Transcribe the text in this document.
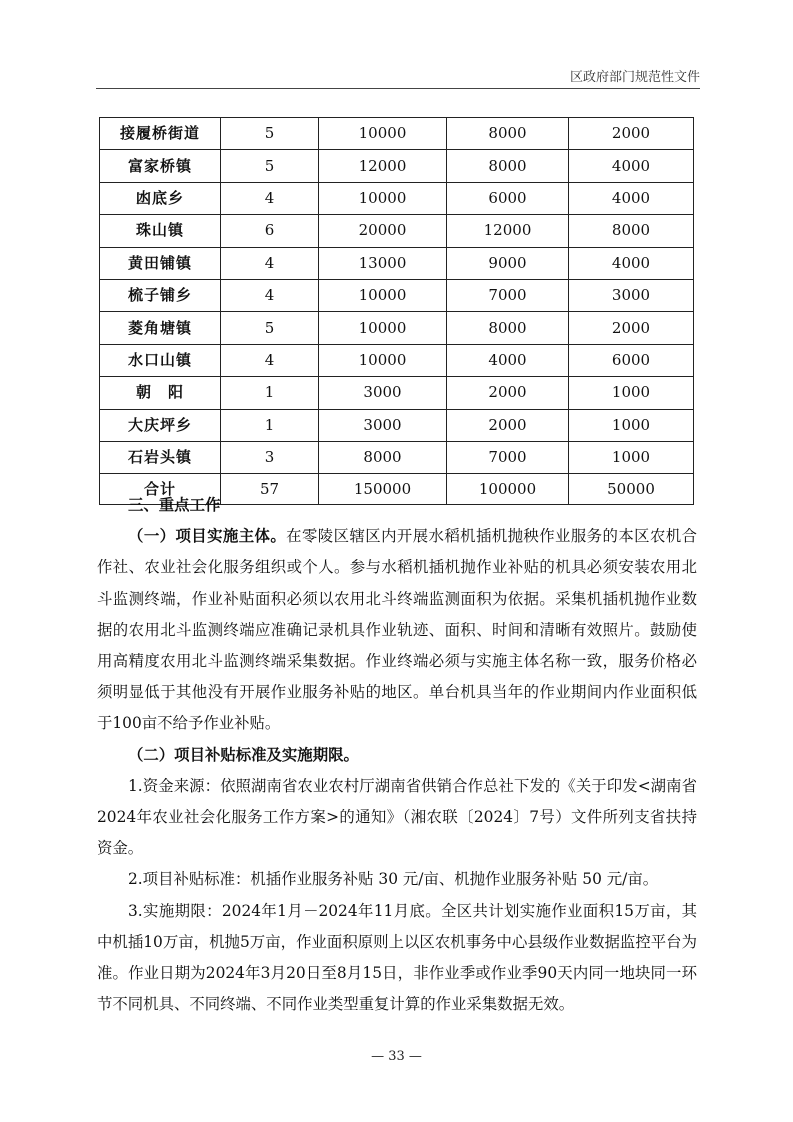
区政府部门规范性文件
接履桥街道	5	10000	8000	2000
富家桥镇	5	12000	8000	4000
凼底乡	4	10000	6000	4000
珠山镇	6	20000	12000	8000
黄田铺镇	4	13000	9000	4000
梳子铺乡	4	10000	7000	3000
菱角塘镇	5	10000	8000	2000
水口山镇	4	10000	4000	6000
朝　阳	1	3000	2000	1000
大庆坪乡	1	3000	2000	1000
石岩头镇	3	8000	7000	1000
合计	57	150000	100000	50000

三、重点工作

（一）项目实施主体。在零陵区辖区内开展水稻机插机抛秧作业服务的本区农机合作社、农业社会化服务组织或个人。参与水稻机插机抛作业补贴的机具必须安装农用北斗监测终端，作业补贴面积必须以农用北斗终端监测面积为依据。采集机插机抛作业数据的农用北斗监测终端应准确记录机具作业轨迹、面积、时间和清晰有效照片。鼓励使用高精度农用北斗监测终端采集数据。作业终端必须与实施主体名称一致，服务价格必须明显低于其他没有开展作业服务补贴的地区。单台机具当年的作业期间内作业面积低于100亩不给予作业补贴。

（二）项目补贴标准及实施期限。

1.资金来源：依照湖南省农业农村厅湖南省供销合作总社下发的《关于印发<湖南省2024年农业社会化服务工作方案>的通知》（湘农联〔2024〕7号）文件所列支省扶持资金。

2.项目补贴标准：机插作业服务补贴 30 元/亩、机抛作业服务补贴 50 元/亩。

3.实施期限：2024年1月－2024年11月底。全区共计划实施作业面积15万亩，其中机插10万亩，机抛5万亩，作业面积原则上以区农机事务中心县级作业数据监控平台为准。作业日期为2024年3月20日至8月15日，非作业季或作业季90天内同一地块同一环节不同机具、不同终端、不同作业类型重复计算的作业采集数据无效。

— 33 —
